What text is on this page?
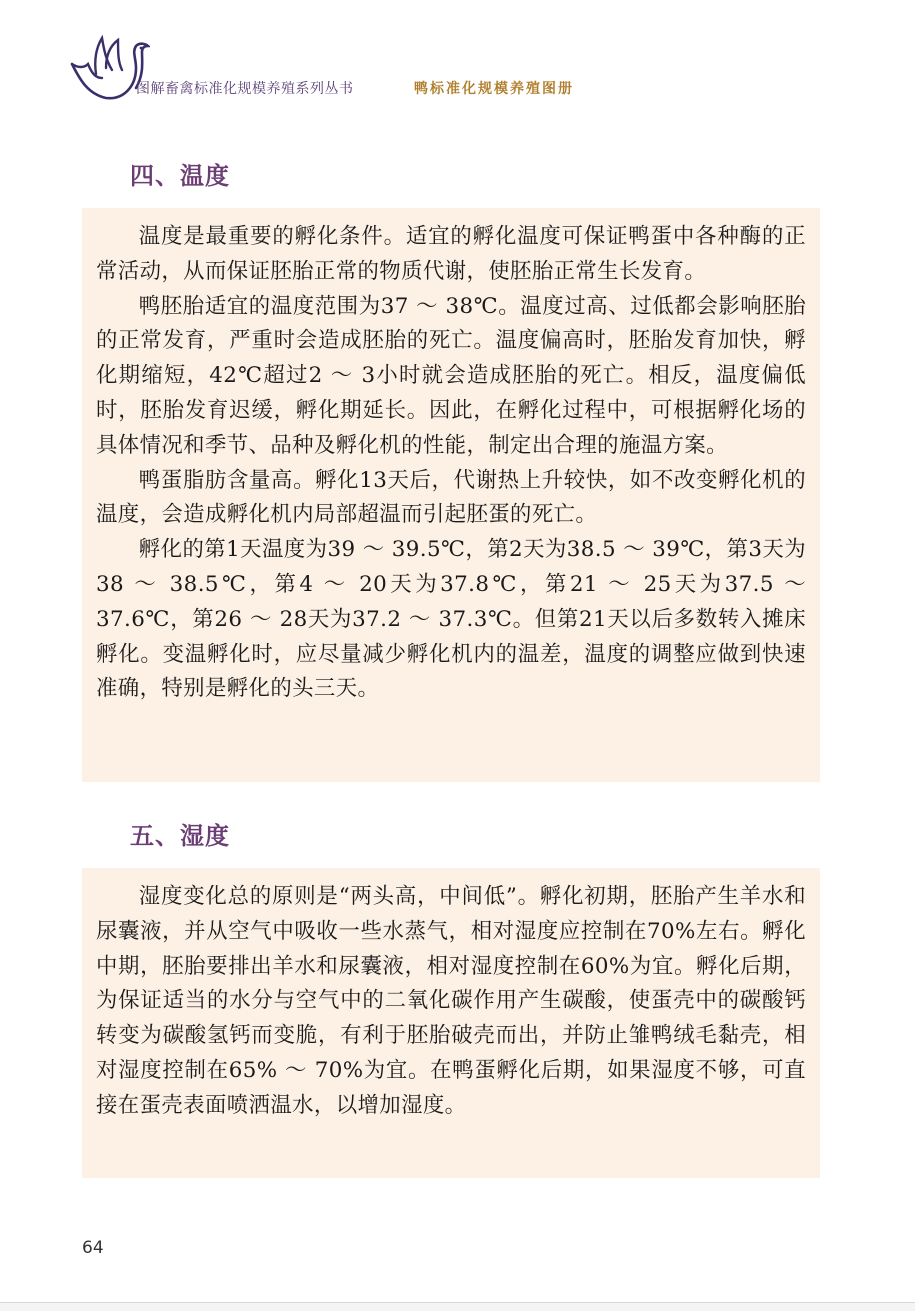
图解畜禽标准化规模养殖系列丛书	鸭标准化规模养殖图册
四、温度

温度是最重要的孵化条件。适宜的孵化温度可保证鸭蛋中各种酶的正常活动，从而保证胚胎正常的物质代谢，使胚胎正常生长发育。

鸭胚胎适宜的温度范围为37 ～ 38℃。温度过高、过低都会影响胚胎的正常发育，严重时会造成胚胎的死亡。温度偏高时，胚胎发育加快，孵化期缩短，42℃超过2 ～ 3小时就会造成胚胎的死亡。相反，温度偏低时，胚胎发育迟缓，孵化期延长。因此，在孵化过程中，可根据孵化场的具体情况和季节、品种及孵化机的性能，制定出合理的施温方案。

鸭蛋脂肪含量高。孵化13天后，代谢热上升较快，如不改变孵化机的温度，会造成孵化机内局部超温而引起胚蛋的死亡。

孵化的第1天温度为39 ～ 39.5℃，第2天为38.5 ～ 39℃，第3天为38 ～ 38.5℃，第4 ～ 20天为37.8℃，第21 ～ 25天为37.5 ～ 37.6℃，第26 ～ 28天为37.2 ～ 37.3℃。但第21天以后多数转入摊床孵化。变温孵化时，应尽量减少孵化机内的温差，温度的调整应做到快速准确，特别是孵化的头三天。

五、湿度

湿度变化总的原则是“两头高，中间低”。孵化初期，胚胎产生羊水和尿囊液，并从空气中吸收一些水蒸气，相对湿度应控制在70%左右。孵化中期，胚胎要排出羊水和尿囊液，相对湿度控制在60%为宜。孵化后期，为保证适当的水分与空气中的二氧化碳作用产生碳酸，使蛋壳中的碳酸钙转变为碳酸氢钙而变脆，有利于胚胎破壳而出，并防止雏鸭绒毛黏壳，相对湿度控制在65% ～ 70%为宜。在鸭蛋孵化后期，如果湿度不够，可直接在蛋壳表面喷洒温水，以增加湿度。

64
